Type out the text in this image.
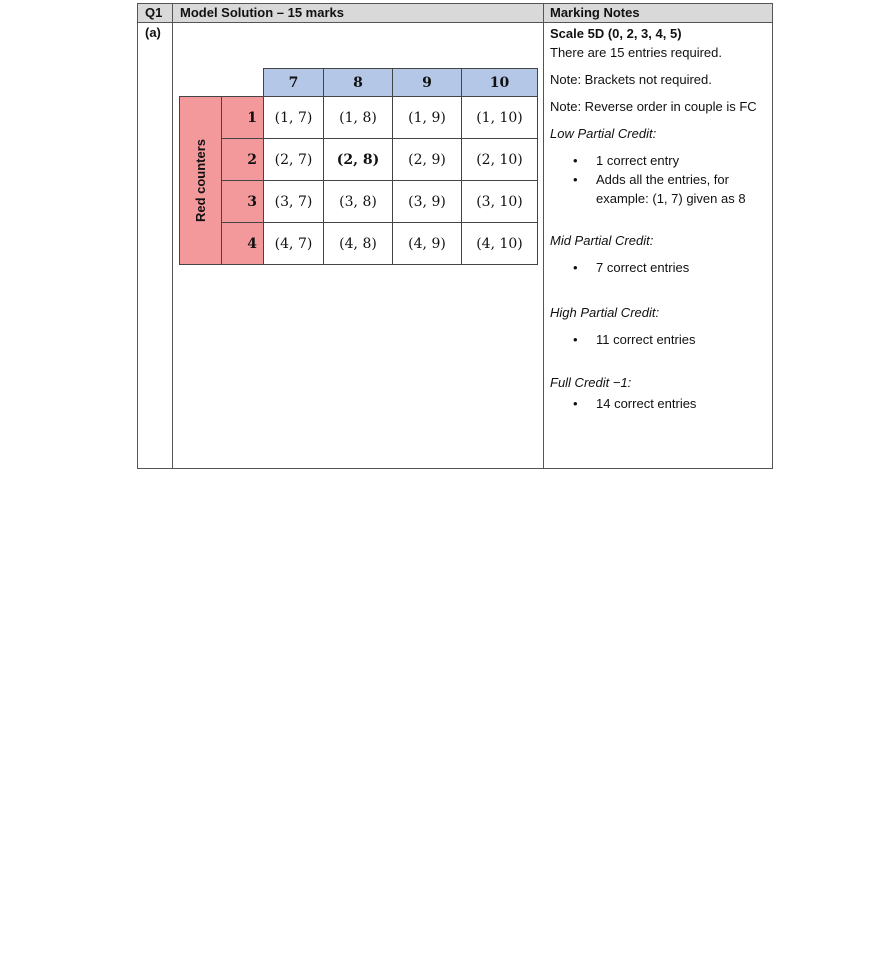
Q1 Model Solution – 15 marks	Marking Notes
(a)
7	8	9	10
Red counters
1	(1, 7)	(1, 8)	(1, 9)	(1, 10)
2	(2, 7)	(2, 8)	(2, 9)	(2, 10)
3	(3, 7)	(3, 8)	(3, 9)	(3, 10)
4	(4, 7)	(4, 8)	(4, 9)	(4, 10)

Scale 5D (0, 2, 3, 4, 5)

There are 15 entries required.

Note: Brackets not required.

Note: Reverse order in couple is FC

Low Partial Credit:

• 1 correct entry
• Adds all the entries, for example: (1, 7) given as 8

Mid Partial Credit:

• 7 correct entries

High Partial Credit:

• 11 correct entries

Full Credit −1:

• 14 correct entries
